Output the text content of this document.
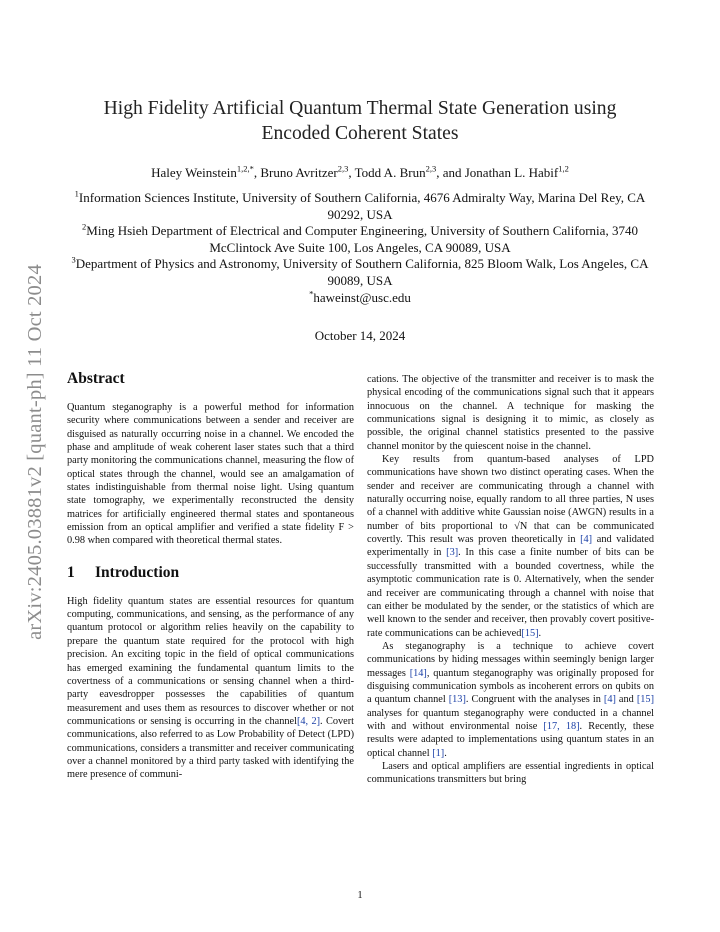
arXiv:2405.03881v2 [quant-ph] 11 Oct 2024
High Fidelity Artificial Quantum Thermal State Generation using
Encoded Coherent States
Haley Weinstein$^{1,2,*}$, Bruno Avritzer$^{2,3}$, Todd A. Brun$^{2,3}$, and Jonathan L. Habif$^{1,2}$
$^1$Information Sciences Institute, University of Southern California, 4676 Admiralty Way, Marina Del Rey, CA 90292, USA
$^2$Ming Hsieh Department of Electrical and Computer Engineering, University of Southern California, 3740 McClintock Ave Suite 100, Los Angeles, CA 90089, USA
$^3$Department of Physics and Astronomy, University of Southern California, 825 Bloom Walk, Los Angeles, CA 90089, USA
*haweinst@usc.edu
October 14, 2024
Abstract

Quantum steganography is a powerful method for information security where communications between a sender and receiver are disguised as naturally occurring noise in a channel. We encoded the phase and amplitude of weak coherent laser states such that a third party monitoring the communications channel, measuring the flow of optical states through the channel, would see an amalgamation of states indistinguishable from thermal noise light. Using quantum state tomography, we experimentally reconstructed the density matrices for artificially engineered thermal states and spontaneous emission from an optical amplifier and verified a state fidelity F > 0.98 when compared with theoretical thermal states.

1 Introduction

High fidelity quantum states are essential resources for quantum computing, communications, and sensing, as the performance of any quantum protocol or algorithm relies heavily on the capability to prepare the quantum state required for the protocol with high precision. An exciting topic in the field of optical communications has emerged examining the fundamental quantum limits to the covertness of a communications or sensing channel when a third-party eavesdropper possesses the capabilities of quantum measurement and uses them as resources to discover whether or not communications or sensing is occurring in the channel[4, 2]. Covert communications, also referred to as Low Probability of Detect (LPD) communications, considers a transmitter and receiver communicating over a channel monitored by a third party tasked with identifying the mere presence of communi-

cations. The objective of the transmitter and receiver is to mask the physical encoding of the communications signal such that it appears innocuous on the channel. A technique for masking the communications signal is designing it to mimic, as closely as possible, the original channel statistics presented to the passive channel monitor by the quiescent noise in the channel.

Key results from quantum-based analyses of LPD communications have shown two distinct operating cases. When the sender and receiver are communicating through a channel with naturally occurring noise, equally random to all three parties, N uses of a channel with additive white Gaussian noise (AWGN) results in a number of bits proportional to √N that can be communicated covertly. This result was proven theoretically in [4] and validated experimentally in [3]. In this case a finite number of bits can be successfully transmitted with a bounded covertness, while the asymptotic communication rate is 0. Alternatively, when the sender and receiver are communicating through a channel with noise that can either be modulated by the sender, or the statistics of which are well known to the sender and receiver, then provably covert positive-rate communications can be achieved[15].

As steganography is a technique to achieve covert communications by hiding messages within seemingly benign larger messages [14], quantum steganography was originally proposed for disguising communication symbols as incoherent errors on qubits on a quantum channel [13]. Congruent with the analyses in [4] and [15] analyses for quantum steganography were conducted in a channel with and without environmental noise [17, 18]. Recently, these results were adapted to implementations using quantum states in an optical channel [1].

Lasers and optical amplifiers are essential ingredients in optical communications transmitters but bring

1
